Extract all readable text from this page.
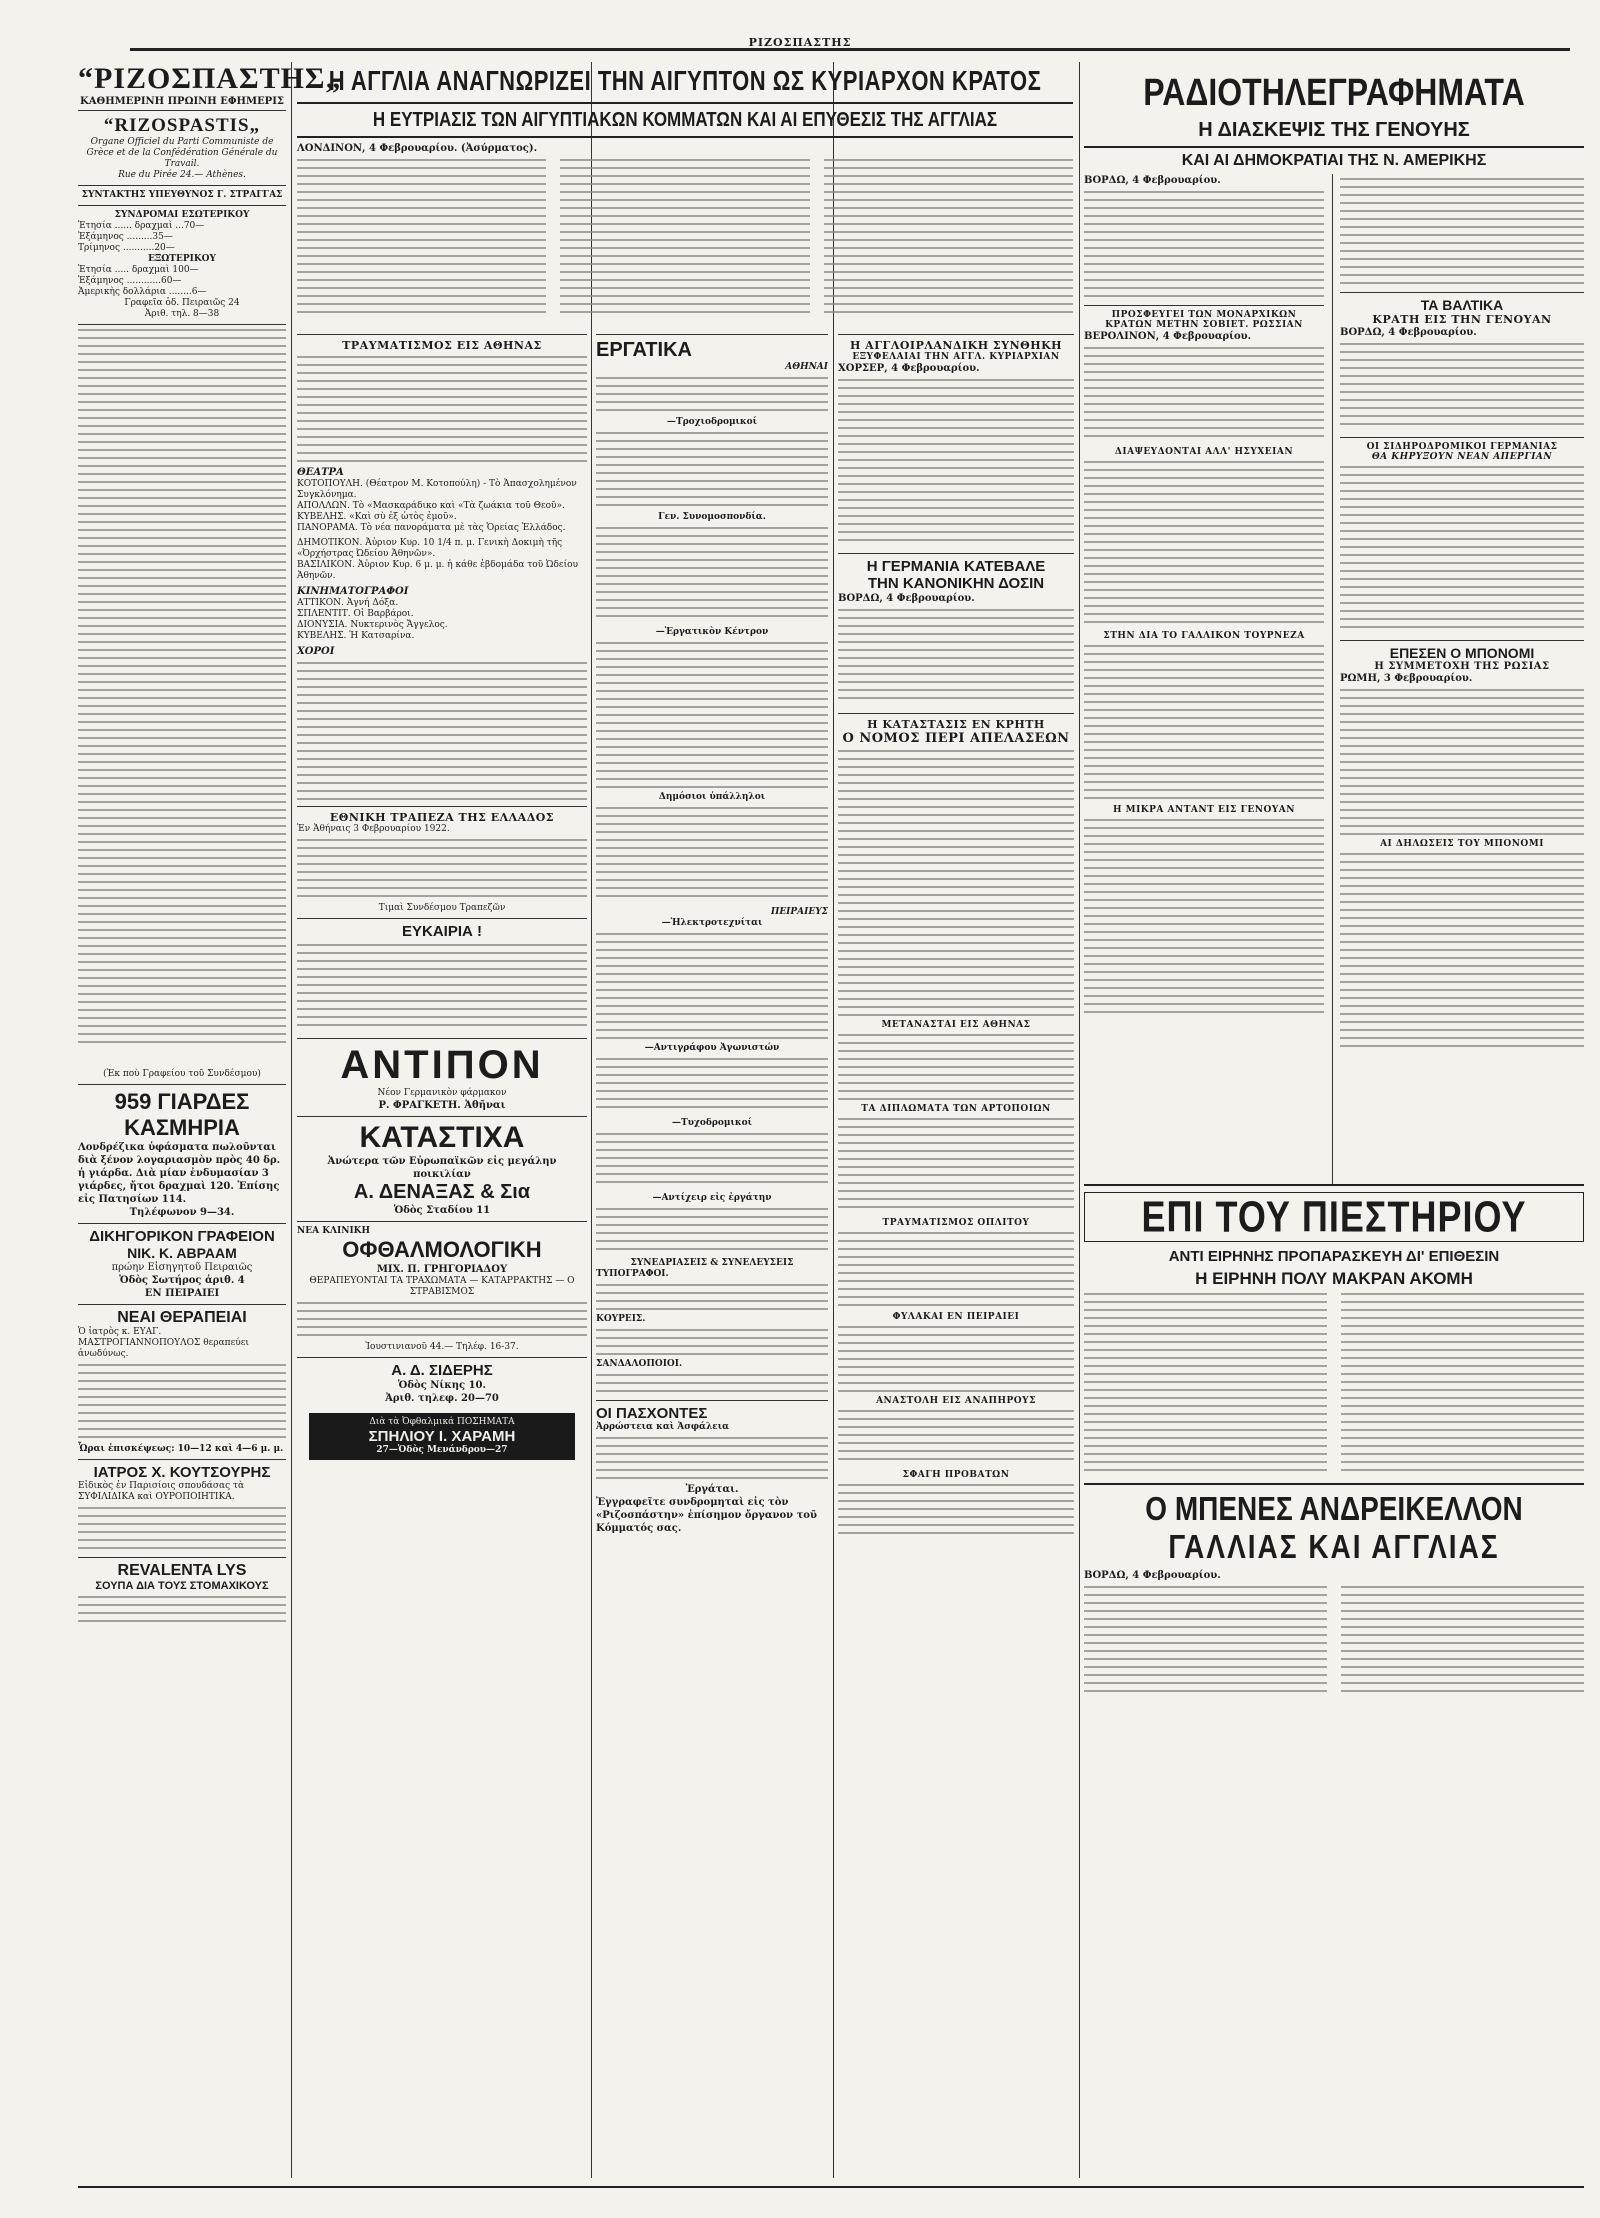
ΡΙΖΟΣΠΑΣΤΗΣ
“ΡΙΖΟΣΠΑΣΤΗΣ„
ΚΑΘΗΜΕΡΙΝΗ ΠΡΩΙΝΗ ΕΦΗΜΕΡΙΣ
“RIZOSPASTIS„
Organe Officiel du Parti Communiste de Grèce et de la Confédération Générale du Travail.
Rue du Pirée 24.— Athènes.
ΣΥΝΤΑΚΤΗΣ ΥΠΕΥΘΥΝΟΣ Γ. ΣΤΡΑΓΓΑΣ
ΣΥΝΔΡΟΜΑΙ ΕΣΩΤΕΡΙΚΟΥ
Ἐτησία ...... δραχμαὶ ...70—
Ἑξάμηνος .........35—
Τρίμηνος ...........20—
ΕΞΩΤΕΡΙΚΟΥ
Ἐτησία ..... δραχμαὶ 100—
Ἑξάμηνος ............60—
Ἀμερικὴς δολλάρια ........6—
Γραφεῖα ὁδ. Πειραιῶς 24
Ἀριθ. τηλ. 8—38
(Ἐκ ποὺ Γραφείου τοῦ Συνδέσμου)
959 ΓΙΑΡΔΕΣ ΚΑΣΜΗΡΙΑ
Λονδρέζικα ὑφάσματα πωλοῦνται διὰ ξένον λογαριασμὸν πρὸς 40 δρ. ἡ γιάρδα. Διὰ μίαν ἐνδυμασίαν 3 γιάρδες, ἤτοι δραχμαὶ 120. Ἐπίσης εἰς Πατησίων 114.
Τηλέφωνον 9—34.
ΔΙΚΗΓΟΡΙΚΟΝ ΓΡΑΦΕΙΟΝ
ΝΙΚ. Κ. ΑΒΡΑΑΜ
πρώην Εἰσηγητοῦ Πειραιῶς
Ὁδὸς Σωτήρος ἀριθ. 4
ΕΝ ΠΕΙΡΑΙΕΙ
ΝΕΑΙ ΘΕΡΑΠΕΙΑΙ
Ὁ ἰατρὸς κ. ΕΥΑΓ. ΜΑΣΤΡΟΓΙΑΝΝΟΠΟΥΛΟΣ θεραπεύει ἀνωδύνως.
Ὧραι ἐπισκέψεως: 10—12 καὶ 4—6 μ. μ.
ΙΑΤΡΟΣ Χ. ΚΟΥΤΣΟΥΡΗΣ
Εἰδικὸς ἐν Παρισίοις σπουδάσας τὰ ΣΥΦΙΛΙΔΙΚΑ καὶ ΟΥΡΟΠΟΙΗΤΙΚΑ.
REVALENTA LYS
ΣΟΥΠΑ ΔΙΑ ΤΟΥΣ ΣΤΟΜΑΧΙΚΟΥΣ
Η ΑΓΓΛΙΑ ΑΝΑΓΝΩΡΙΖΕΙ ΤΗΝ ΑΙΓΥΠΤΟΝ ΩΣ ΚΥΡΙΑΡΧΟΝ ΚΡΑΤΟΣ
Η ΕΥΤΡΙΑΣΙΣ ΤΩΝ ΑΙΓΥΠΤΙΑΚΩΝ ΚΟΜΜΑΤΩΝ ΚΑΙ ΑΙ ΕΠΥΘΕΣΙΣ ΤΗΣ ΑΓΓΛΙΑΣ
ΛΟΝΔΙΝΟΝ, 4 Φεβρουαρίου. (Ἀσύρματος).
ΤΡΑΥΜΑΤΙΣΜΟΣ ΕΙΣ ΑΘΗΝΑΣ
ΘΕΑΤΡΑ
ΚΟΤΟΠΟΥΛΗ. (Θέατρον Μ. Κοτοπούλη) - Τὸ Ἀπασχολημένον Συγκλόνημα.
ΑΠΟΛΛΩΝ. Τὸ «Μασκαράδικο καὶ «Τὰ ζωάκια τοῦ Θεοῦ».
ΚΥΒΕΛΗΣ. «Καὶ σὺ ἐξ ὠτὸς ἐμοῦ».
ΠΑΝΟΡΑΜΑ. Τὸ νέα πανοράματα μὲ τὰς Ὁρείας Ἑλλάδος.
ΔΗΜΟΤΙΚΟΝ. Ἀὐριον Κυρ. 10 1/4 π. μ. Γενικὴ Δοκιμὴ τῆς «Ὀρχήστρας Ὠδείου Ἀθηνῶν».
ΒΑΣΙΛΙΚΟΝ. Ἀὐριον Κυρ. 6 μ. μ. ἡ κάθε ἑβδομάδα τοῦ Ὠδείου Ἀθηνῶν.
ΚΙΝΗΜΑΤΟΓΡΑΦΟΙ
ΑΤΤΙΚΟΝ. Ἀγνή Δόξα.
ΣΠΛΕΝΤΙΤ. Οἱ Βαρβάροι.
ΔΙΟΝΥΣΙΑ. Νυκτερινὸς Ἄγγελος.
ΚΥΒΕΛΗΣ. Ἡ Κατσαρίνα.
ΧΟΡΟΙ
ΕΘΝΙΚΗ ΤΡΑΠΕΖΑ ΤΗΣ ΕΛΛΑΔΟΣ
Ἐν Ἀθήναις 3 Φεβρουαρίου 1922.
Τιμαὶ Συνδέσμου Τραπεζῶν
ΕΥΚΑΙΡΙΑ !
ΑΝΤΙΠΟΝ
Νέον Γερμανικὸν φάρμακον
Ρ. ΦΡΑΓΚΕΤΗ. Ἀθῆναι
ΚΑΤΑΣΤΙΧΑ
Ἀνώτερα τῶν Εὐρωπαϊκῶν εἰς μεγάλην ποικιλίαν
Α. ΔΕΝΑΞΑΣ & Σια
Ὁδὸς Σταδίου 11
ΝΕΑ ΚΛΙΝΙΚΗ
ΟΦΘΑΛΜΟΛΟΓΙΚΗ
ΜΙΧ. Π. ΓΡΗΓΟΡΙΑΔΟΥ
ΘΕΡΑΠΕΥΟΝΤΑΙ ΤΑ ΤΡΑΧΩΜΑΤΑ — ΚΑΤΑΡΡΑΚΤΗΣ — Ο ΣΤΡΑΒΙΣΜΟΣ
Ἰουστινιανοῦ 44.— Τηλέφ. 16-37.
Α. Δ. ΣΙΔΕΡΗΣ
Ὁδὸς Νίκης 10.
Ἀριθ. τηλεφ. 20—70
Διὰ τὰ Ὀφθαλμικά ΠΟΣΗΜΑΤΑ
ΣΠΗΛΙΟΥ Ι. ΧΑΡΑΜΗ
27—Ὁδὸς Μενάνδρου—27
ΕΡΓΑΤΙΚΑ
ΑΘΗΝΑΙ
—Τροχιοδρομικοί
Γεν. Συνομοσπονδία.
—Ἐργατικὸν Κέντρον
Δημόσιοι ὑπάλληλοι
ΠΕΙΡΑΙΕΥΣ
—Ἠλεκτροτεχνίται
—Αντιγράφου Ἀγωνιστών
—Τυχοδρομικοί
—Αντίχειρ εἰς ἐργάτην
ΣΥΝΕΔΡΙΑΣΕΙΣ & ΣΥΝΕΛΕΥΣΕΙΣ
ΤΥΠΟΓΡΑΦΟΙ.
ΚΟΥΡΕΙΣ.
ΣΑΝΔΑΛΟΠΟΙΟΙ.
ΟΙ ΠΑΣΧΟΝΤΕΣ
Ἀρρώστεια καὶ Ἀσφάλεια
Ἐργάται.
Ἐγγραφεῖτε συνδρομηταὶ εἰς τὸν «Ριζοσπάστην» ἐπίσημον ὄργανον τοῦ Κόμματός σας.
Η ΑΓΓΛΟΙΡΛΑΝΔΙΚΗ ΣΥΝΘΗΚΗ
ΕΞΥΦΕΛΑΙΑΙ ΤΗΝ ΑΓΓΛ. ΚΥΡΙΑΡΧΙΑΝ
ΧΟΡΣΕΡ, 4 Φεβρουαρίου.
Η ΓΕΡΜΑΝΙΑ ΚΑΤΕΒΑΛΕ
ΤΗΝ ΚΑΝΟΝΙΚΗΝ ΔΟΣΙΝ
ΒΟΡΔΩ, 4 Φεβρουαρίου.
Η ΚΑΤΑΣΤΑΣΙΣ ΕΝ ΚΡΗΤΗ
Ο ΝΟΜΟΣ ΠΕΡΙ ΑΠΕΛΑΣΕΩΝ
ΜΕΤΑΝΑΣΤΑΙ ΕΙΣ ΑΘΗΝΑΣ
ΤΑ ΔΙΠΛΩΜΑΤΑ ΤΩΝ ΑΡΤΟΠΟΙΩΝ
ΤΡΑΥΜΑΤΙΣΜΟΣ ΟΠΛΙΤΟΥ
ΦΥΛΑΚΑΙ ΕΝ ΠΕΙΡΑΙΕΙ
ΑΝΑΣΤΟΛΗ ΕΙΣ ΑΝΑΠΗΡΟΥΣ
ΣΦΑΓΗ ΠΡΟΒΑΤΩΝ
ΡΑΔΙΟΤΗΛΕΓΡΑΦΗΜΑΤΑ
Η ΔΙΑΣΚΕΨΙΣ ΤΗΣ ΓΕΝΟΥΗΣ
ΚΑΙ ΑΙ ΔΗΜΟΚΡΑΤΙΑΙ ΤΗΣ Ν. ΑΜΕΡΙΚΗΣ
ΒΟΡΔΩ, 4 Φεβρουαρίου.
ΠΡΟΣΦΕΥΓΕΙ ΤΩΝ ΜΟΝΑΡΧΙΚΩΝ
ΚΡΑΤΩΝ ΜΕΤΗΝ ΣΟΒΙΕΤ. ΡΩΣΣΙΑΝ
ΒΕΡΟΛΙΝΟΝ, 4 Φεβρουαρίου.
ΔΙΑΨΕΥΔΟΝΤΑΙ ΑΛΛ' ΗΣΥΧΕΙΑΝ
ΣΤΗΝ ΔΙΑ ΤΟ ΓΑΛΛΙΚΟΝ ΤΟΥΡΝΕΖΑ
Η ΜΙΚΡΑ ΑΝΤΑΝΤ ΕΙΣ ΓΕΝΟΥΑΝ
ΤΑ ΒΑΛΤΙΚΑ
ΚΡΑΤΗ ΕΙΣ ΤΗΝ ΓΕΝΟΥΑΝ
ΒΟΡΔΩ, 4 Φεβρουαρίου.
ΟΙ ΣΙΔΗΡΟΔΡΟΜΙΚΟΙ ΓΕΡΜΑΝΙΑΣ
ΘΑ ΚΗΡΥΞΟΥΝ ΝΕΑΝ ΑΠΕΡΓΙΑΝ
ΕΠΕΣΕΝ Ο ΜΠΟΝΟΜΙ
Η ΣΥΜΜΕΤΟΧΗ ΤΗΣ ΡΩΣΙΑΣ
ΡΩΜΗ, 3 Φεβρουαρίου.
ΑΙ ΔΗΛΩΣΕΙΣ ΤΟΥ ΜΠΟΝΟΜΙ
ΕΠΙ ΤΟΥ ΠΙΕΣΤΗΡΙΟΥ
ΑΝΤΙ ΕΙΡΗΝΗΣ ΠΡΟΠΑΡΑΣΚΕΥΗ ΔΙ' ΕΠΙΘΕΣΙΝ
Η ΕΙΡΗΝΗ ΠΟΛΥ ΜΑΚΡΑΝ ΑΚΟΜΗ
Ο ΜΠΕΝΕΣ ΑΝΔΡΕΙΚΕΛΛΟΝ
ΓΑΛΛΙΑΣ ΚΑΙ ΑΓΓΛΙΑΣ
ΒΟΡΔΩ, 4 Φεβρουαρίου.
